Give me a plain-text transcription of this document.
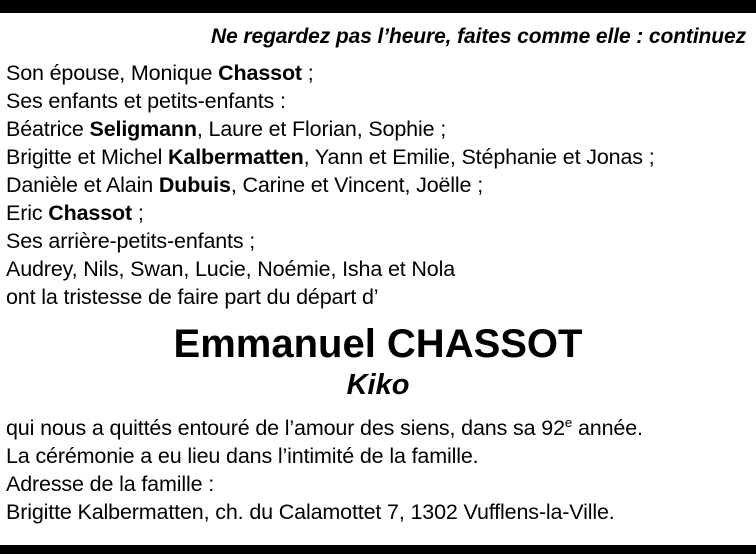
Ne regardez pas l’heure, faites comme elle : continuez
Son épouse, Monique Chassot ;
Ses enfants et petits-enfants :
Béatrice Seligmann, Laure et Florian, Sophie ;
Brigitte et Michel Kalbermatten, Yann et Emilie, Stéphanie et Jonas ;
Danièle et Alain Dubuis, Carine et Vincent, Joëlle ;
Eric Chassot ;
Ses arrière-petits-enfants ;
Audrey, Nils, Swan, Lucie, Noémie, Isha et Nola
ont la tristesse de faire part du départ d’
Emmanuel CHASSOT
Kiko
qui nous a quittés entouré de l’amour des siens, dans sa 92e année.
La cérémonie a eu lieu dans l’intimité de la famille.
Adresse de la famille :
Brigitte Kalbermatten, ch. du Calamottet 7, 1302 Vufflens-la-Ville.
